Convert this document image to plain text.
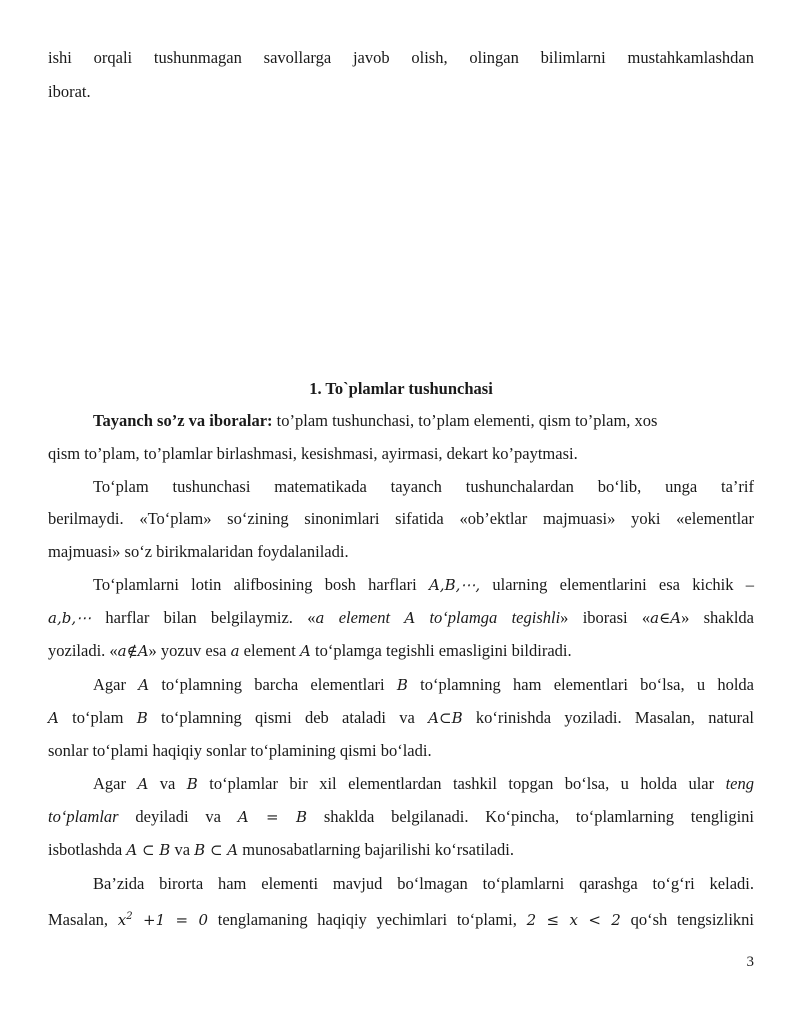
ishi orqali tushunmagan savollarga javob olish, olingan bilimlarni mustahkamlashdan
iborat.
1. To`plamlar tushunchasi
Tayanch so’z va iboralar: to’plam tushunchasi, to’plam elementi, qism to’plam, xos
qism to’plam, to’plamlar birlashmasi, kesishmasi, ayirmasi, dekart ko’paytmasi.
To‘plam tushunchasi matematikada tayanch tushunchalardan bo‘lib, unga ta’rif
berilmaydi. «To‘plam» so‘zining sinonimlari sifatida «ob’ektlar majmuasi» yoki «elementlar
majmuasi» so‘z birikmalaridan foydalaniladi.
To‘plamlarni lotin alifbosining bosh harflari A,B,⋯, ularning elementlarini esa kichik –
a,b,⋯ harflar bilan belgilaymiz. «a element A to‘plamga tegishli» iborasi «a∈A» shaklda
yoziladi. «a∉A» yozuv esa a element A to‘plamga tegishli emasligini bildiradi.
Agar A to‘plamning barcha elementlari B to‘plamning ham elementlari bo‘lsa, u holda
A to‘plam B to‘plamning qismi deb ataladi va A⊂B ko‘rinishda yoziladi. Masalan, natural
sonlar to‘plami haqiqiy sonlar to‘plamining qismi bo‘ladi.
Agar A va B to‘plamlar bir xil elementlardan tashkil topgan bo‘lsa, u holda ular teng
to‘plamlar deyiladi va A = B shaklda belgilanadi. Ko‘pincha, to‘plamlarning tengligini
isbotlashda A ⊂ B va B ⊂ A munosabatlarning bajarilishi ko‘rsatiladi.
Ba’zida birorta ham elementi mavjud bo‘lmagan to‘plamlarni qarashga to‘g‘ri keladi.
Masalan, $x^2 +1 = 0$ tenglamaning haqiqiy yechimlari to‘plami, 2 ≤ x < 2 qo‘sh tengsizlikni
3
